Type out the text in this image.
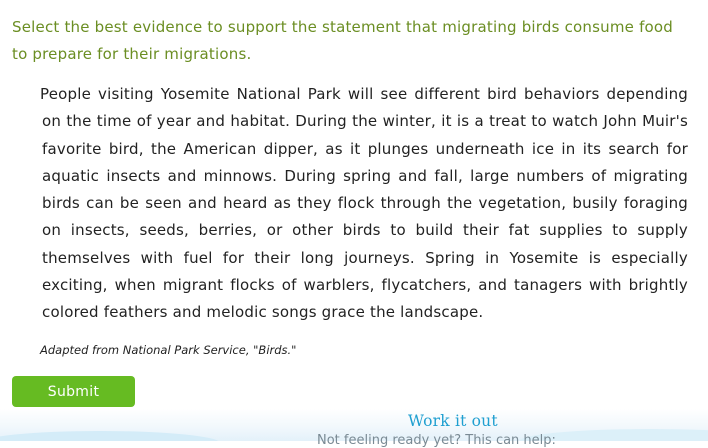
Select the best evidence to support the statement that migrating birds consume food to prepare for their migrations.

People visiting Yosemite National Park will see different bird behaviors depending on the time of year and habitat. During the winter, it is a treat to watch John Muir's favorite bird, the American dipper, as it plunges underneath ice in its search for aquatic insects and minnows. During spring and fall, large numbers of migrating birds can be seen and heard as they flock through the vegetation, busily foraging on insects, seeds, berries, or other birds to build their fat supplies to supply themselves with fuel for their long journeys. Spring in Yosemite is especially exciting, when migrant flocks of warblers, flycatchers, and tanagers with brightly colored feathers and melodic songs grace the landscape.

Adapted from National Park Service, "Birds."

Submit

Work it out

Not feeling ready yet? This can help:
